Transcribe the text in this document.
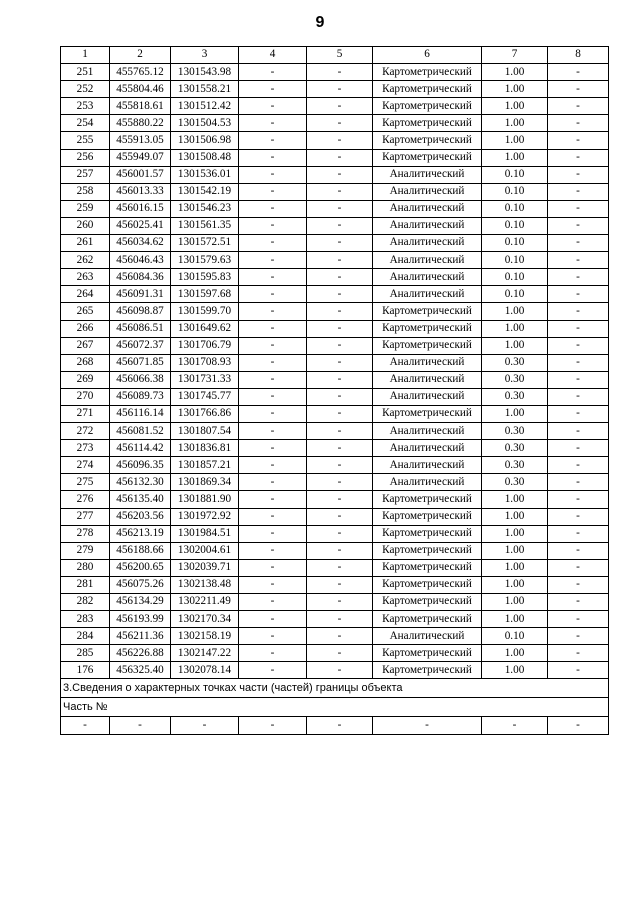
9
1	2	3	4	5	6	7	8
251	455765.12	1301543.98	-	-	Картометрический	1.00	-
252	455804.46	1301558.21	-	-	Картометрический	1.00	-
253	455818.61	1301512.42	-	-	Картометрический	1.00	-
254	455880.22	1301504.53	-	-	Картометрический	1.00	-
255	455913.05	1301506.98	-	-	Картометрический	1.00	-
256	455949.07	1301508.48	-	-	Картометрический	1.00	-
257	456001.57	1301536.01	-	-	Аналитический	0.10	-
258	456013.33	1301542.19	-	-	Аналитический	0.10	-
259	456016.15	1301546.23	-	-	Аналитический	0.10	-
260	456025.41	1301561.35	-	-	Аналитический	0.10	-
261	456034.62	1301572.51	-	-	Аналитический	0.10	-
262	456046.43	1301579.63	-	-	Аналитический	0.10	-
263	456084.36	1301595.83	-	-	Аналитический	0.10	-
264	456091.31	1301597.68	-	-	Аналитический	0.10	-
265	456098.87	1301599.70	-	-	Картометрический	1.00	-
266	456086.51	1301649.62	-	-	Картометрический	1.00	-
267	456072.37	1301706.79	-	-	Картометрический	1.00	-
268	456071.85	1301708.93	-	-	Аналитический	0.30	-
269	456066.38	1301731.33	-	-	Аналитический	0.30	-
270	456089.73	1301745.77	-	-	Аналитический	0.30	-
271	456116.14	1301766.86	-	-	Картометрический	1.00	-
272	456081.52	1301807.54	-	-	Аналитический	0.30	-
273	456114.42	1301836.81	-	-	Аналитический	0.30	-
274	456096.35	1301857.21	-	-	Аналитический	0.30	-
275	456132.30	1301869.34	-	-	Аналитический	0.30	-
276	456135.40	1301881.90	-	-	Картометрический	1.00	-
277	456203.56	1301972.92	-	-	Картометрический	1.00	-
278	456213.19	1301984.51	-	-	Картометрический	1.00	-
279	456188.66	1302004.61	-	-	Картометрический	1.00	-
280	456200.65	1302039.71	-	-	Картометрический	1.00	-
281	456075.26	1302138.48	-	-	Картометрический	1.00	-
282	456134.29	1302211.49	-	-	Картометрический	1.00	-
283	456193.99	1302170.34	-	-	Картометрический	1.00	-
284	456211.36	1302158.19	-	-	Аналитический	0.10	-
285	456226.88	1302147.22	-	-	Картометрический	1.00	-
176	456325.40	1302078.14	-	-	Картометрический	1.00	-
3.Сведения о характерных точках части (частей) границы объекта							
Часть №							
-	-	-	-	-	-	-	-
